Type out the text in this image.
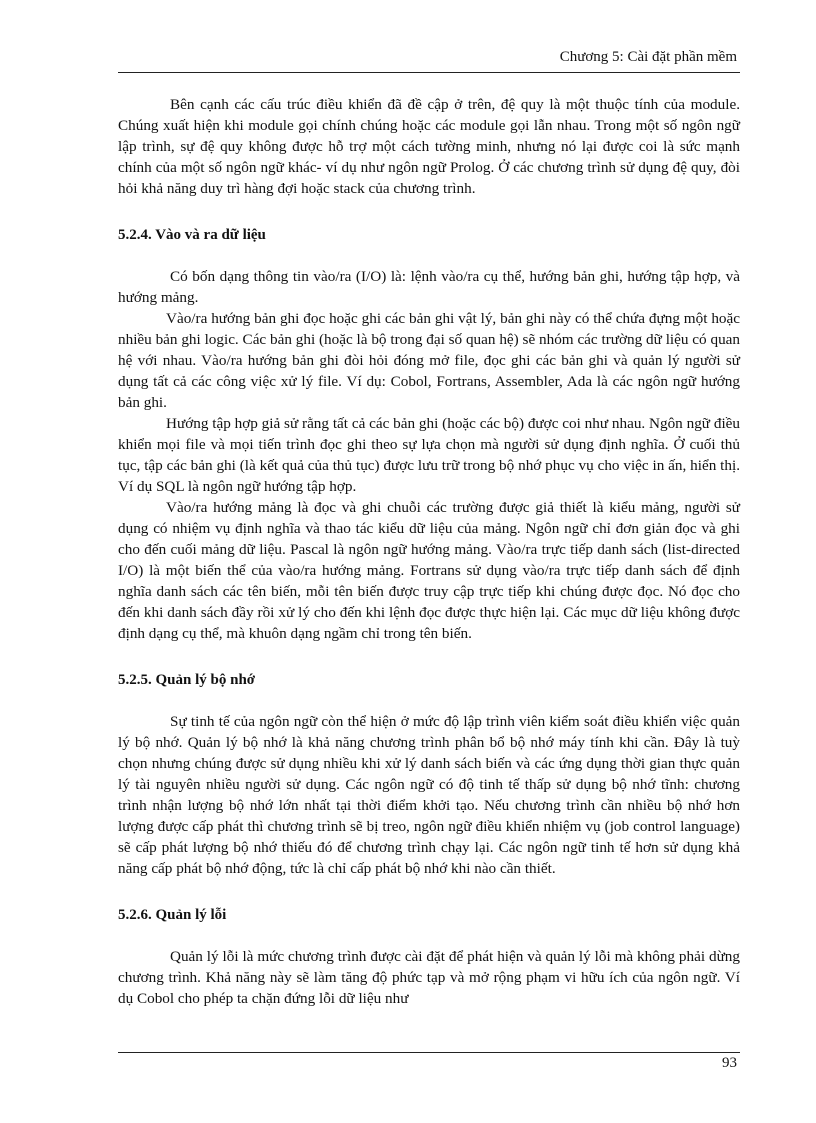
Chương 5: Cài đặt phần mềm

Bên cạnh các cấu trúc điều khiển đã đề cập ở trên, đệ quy là một thuộc tính của module. Chúng xuất hiện khi module gọi chính chúng hoặc các module gọi lẫn nhau. Trong một số ngôn ngữ lập trình, sự đệ quy không được hỗ trợ một cách tường minh, nhưng nó lại được coi là sức mạnh chính của một số ngôn ngữ khác- ví dụ như ngôn ngữ Prolog. Ở các chương trình sử dụng đệ quy, đòi hỏi khả năng duy trì hàng đợi hoặc stack của chương trình.

5.2.4. Vào và ra dữ liệu

Có bốn dạng thông tin vào/ra (I/O) là: lệnh vào/ra cụ thể, hướng bản ghi, hướng tập hợp, và hướng mảng.

Vào/ra hướng bản ghi đọc hoặc ghi các bản ghi vật lý, bản ghi này có thể chứa đựng một hoặc nhiều bản ghi logic. Các bản ghi (hoặc là bộ trong đại số quan hệ) sẽ nhóm các trường dữ liệu có quan hệ với nhau. Vào/ra hướng bản ghi đòi hỏi đóng mở file, đọc ghi các bản ghi và quản lý người sử dụng tất cả các công việc xử lý file. Ví dụ: Cobol, Fortrans, Assembler, Ada là các ngôn ngữ hướng bản ghi.

Hướng tập hợp giả sử rằng tất cả các bản ghi (hoặc các bộ) được coi như nhau. Ngôn ngữ điều khiển mọi file và mọi tiến trình đọc ghi theo sự lựa chọn mà người sử dụng định nghĩa. Ở cuối thủ tục, tập các bản ghi (là kết quả của thủ tục) được lưu trữ trong bộ nhớ phục vụ cho việc in ấn, hiển thị. Ví dụ SQL là ngôn ngữ hướng tập hợp.

Vào/ra hướng mảng là đọc và ghi chuỗi các trường được giả thiết là kiểu mảng, người sử dụng có nhiệm vụ định nghĩa và thao tác kiểu dữ liệu của mảng. Ngôn ngữ chỉ đơn giản đọc và ghi cho đến cuối mảng dữ liệu. Pascal là ngôn ngữ hướng mảng. Vào/ra trực tiếp danh sách (list-directed I/O) là một biến thể của vào/ra hướng mảng. Fortrans sử dụng vào/ra trực tiếp danh sách để định nghĩa danh sách các tên biến, mỗi tên biến được truy cập trực tiếp khi chúng được đọc. Nó đọc cho đến khi danh sách đầy rồi xử lý cho đến khi lệnh đọc được thực hiện lại. Các mục dữ liệu không được định dạng cụ thể, mà khuôn dạng ngầm chỉ trong tên biến.

5.2.5. Quản lý bộ nhớ

Sự tinh tế của ngôn ngữ còn thể hiện ở mức độ lập trình viên kiểm soát điều khiển việc quản lý bộ nhớ. Quản lý bộ nhớ là khả năng chương trình phân bổ bộ nhớ máy tính khi cần. Đây là tuỳ chọn nhưng chúng được sử dụng nhiều khi xử lý danh sách biến và các ứng dụng thời gian thực quản lý tài nguyên nhiều người sử dụng. Các ngôn ngữ có độ tinh tế thấp sử dụng bộ nhớ tĩnh: chương trình nhận lượng bộ nhớ lớn nhất tại thời điểm khởi tạo. Nếu chương trình cần nhiều bộ nhớ hơn lượng được cấp phát thì chương trình sẽ bị treo, ngôn ngữ điều khiển nhiệm vụ (job control language) sẽ cấp phát lượng bộ nhớ thiếu đó để chương trình chạy lại. Các ngôn ngữ tinh tế hơn sử dụng khả năng cấp phát bộ nhớ động, tức là chỉ cấp phát bộ nhớ khi nào cần thiết.

5.2.6. Quản lý lỗi

Quản lý lỗi là mức chương trình được cài đặt để phát hiện và quản lý lỗi mà không phải dừng chương trình. Khả năng này sẽ làm tăng độ phức tạp và mở rộng phạm vi hữu ích của ngôn ngữ. Ví dụ Cobol cho phép ta chặn đứng lỗi dữ liệu như

93
